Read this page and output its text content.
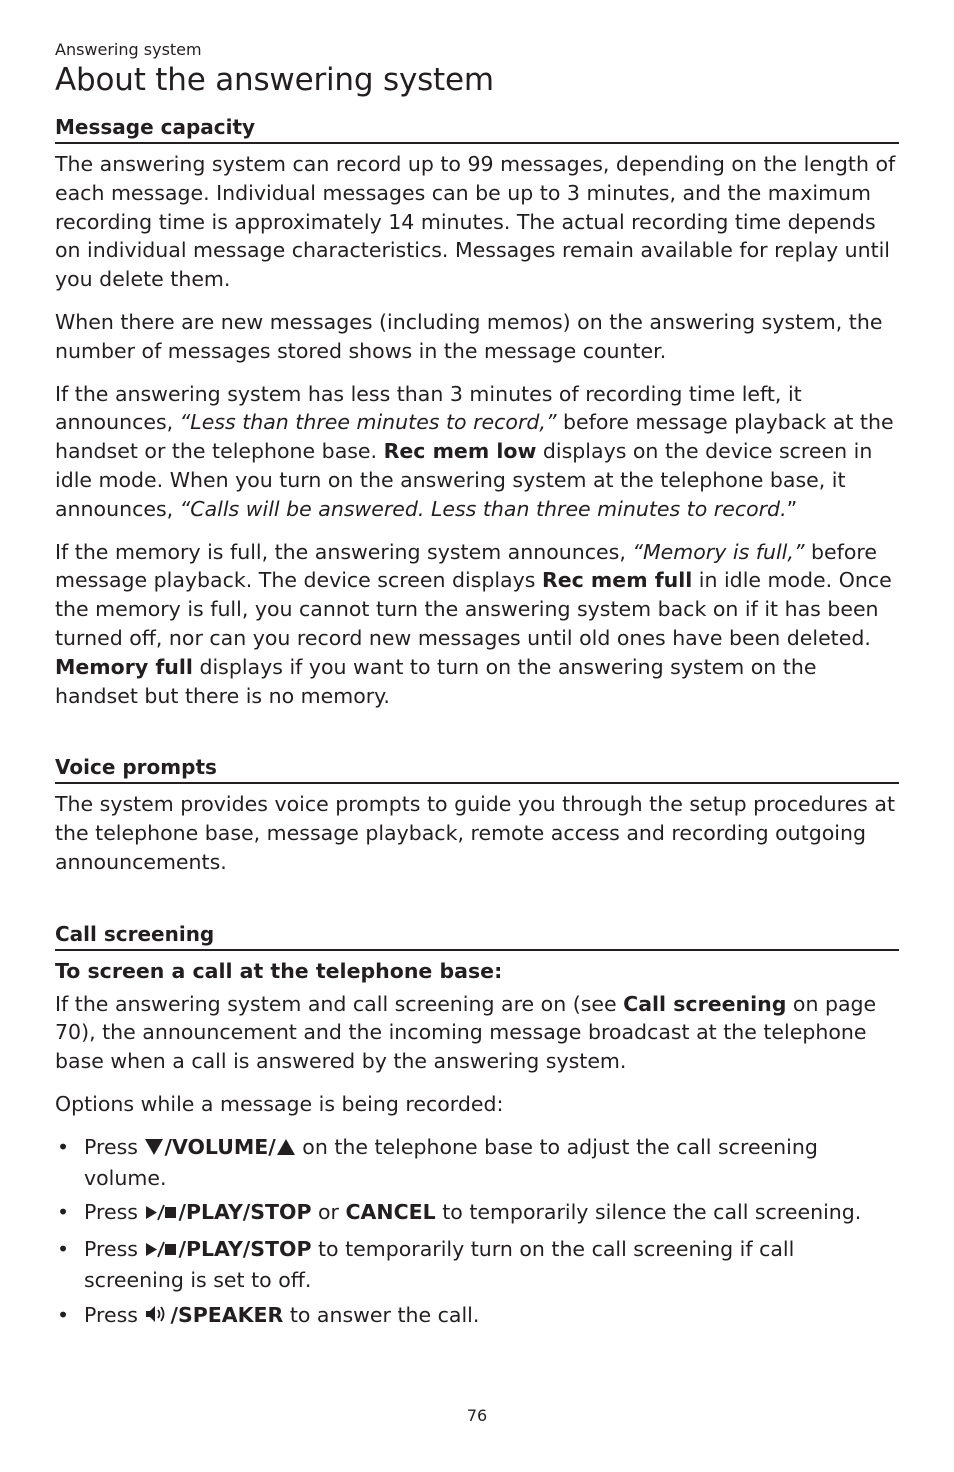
Answering system

About the answering system
Message capacity

The answering system can record up to 99 messages, depending on the length of each message. Individual messages can be up to 3 minutes, and the maximum recording time is approximately 14 minutes. The actual recording time depends on individual message characteristics. Messages remain available for replay until you delete them.

When there are new messages (including memos) on the answering system, the number of messages stored shows in the message counter.

If the answering system has less than 3 minutes of recording time left, it announces, “Less than three minutes to record,” before message playback at the handset or the telephone base. Rec mem low displays on the device screen in idle mode. When you turn on the answering system at the telephone base, it announces, “Calls will be answered. Less than three minutes to record.”

If the memory is full, the answering system announces, “Memory is full,” before message playback. The device screen displays Rec mem full in idle mode. Once the memory is full, you cannot turn the answering system back on if it has been turned off, nor can you record new messages until old ones have been deleted. Memory full displays if you want to turn on the answering system on the handset but there is no memory.

Voice prompts

The system provides voice prompts to guide you through the setup procedures at the telephone base, message playback, remote access and recording outgoing announcements.

Call screening

To screen a call at the telephone base:

If the answering system and call screening are on (see Call screening on page 70), the announcement and the incoming message broadcast at the telephone base when a call is answered by the answering system.

Options while a message is being recorded:

• Press /VOLUME/ on the telephone base to adjust the call screening volume.
• Press /PLAY/STOP or CANCEL to temporarily silence the call screening.
• Press /PLAY/STOP to temporarily turn on the call screening if call screening is set to off.
• Press /SPEAKER to answer the call.
76
